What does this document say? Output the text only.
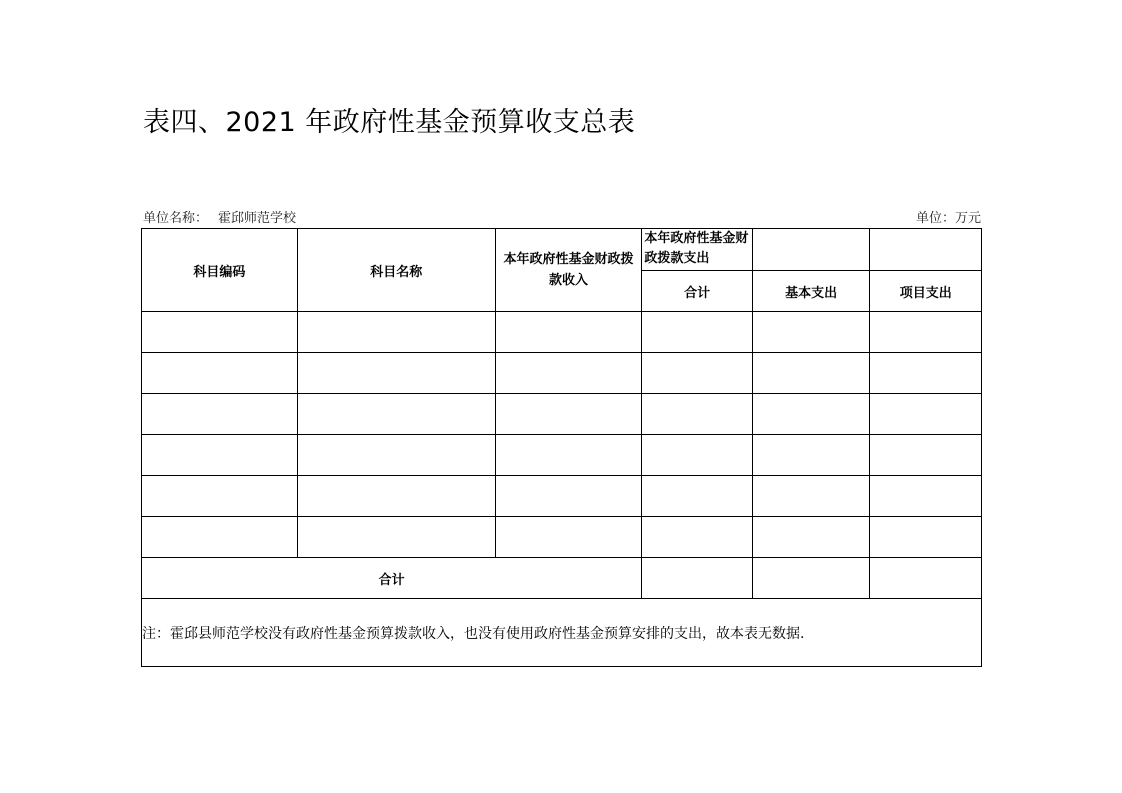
表四、2021 年政府性基金预算收支总表
单位名称： 霍邱师范学校	单位：万元
科目编码	科目名称	本年政府性基金财政拨款收入	本年政府性基金财政拨款支出		
			合计	基本支出	项目支出

合计					
注：霍邱县师范学校没有政府性基金预算拨款收入，也没有使用政府性基金预算安排的支出，故本表无数据.					
